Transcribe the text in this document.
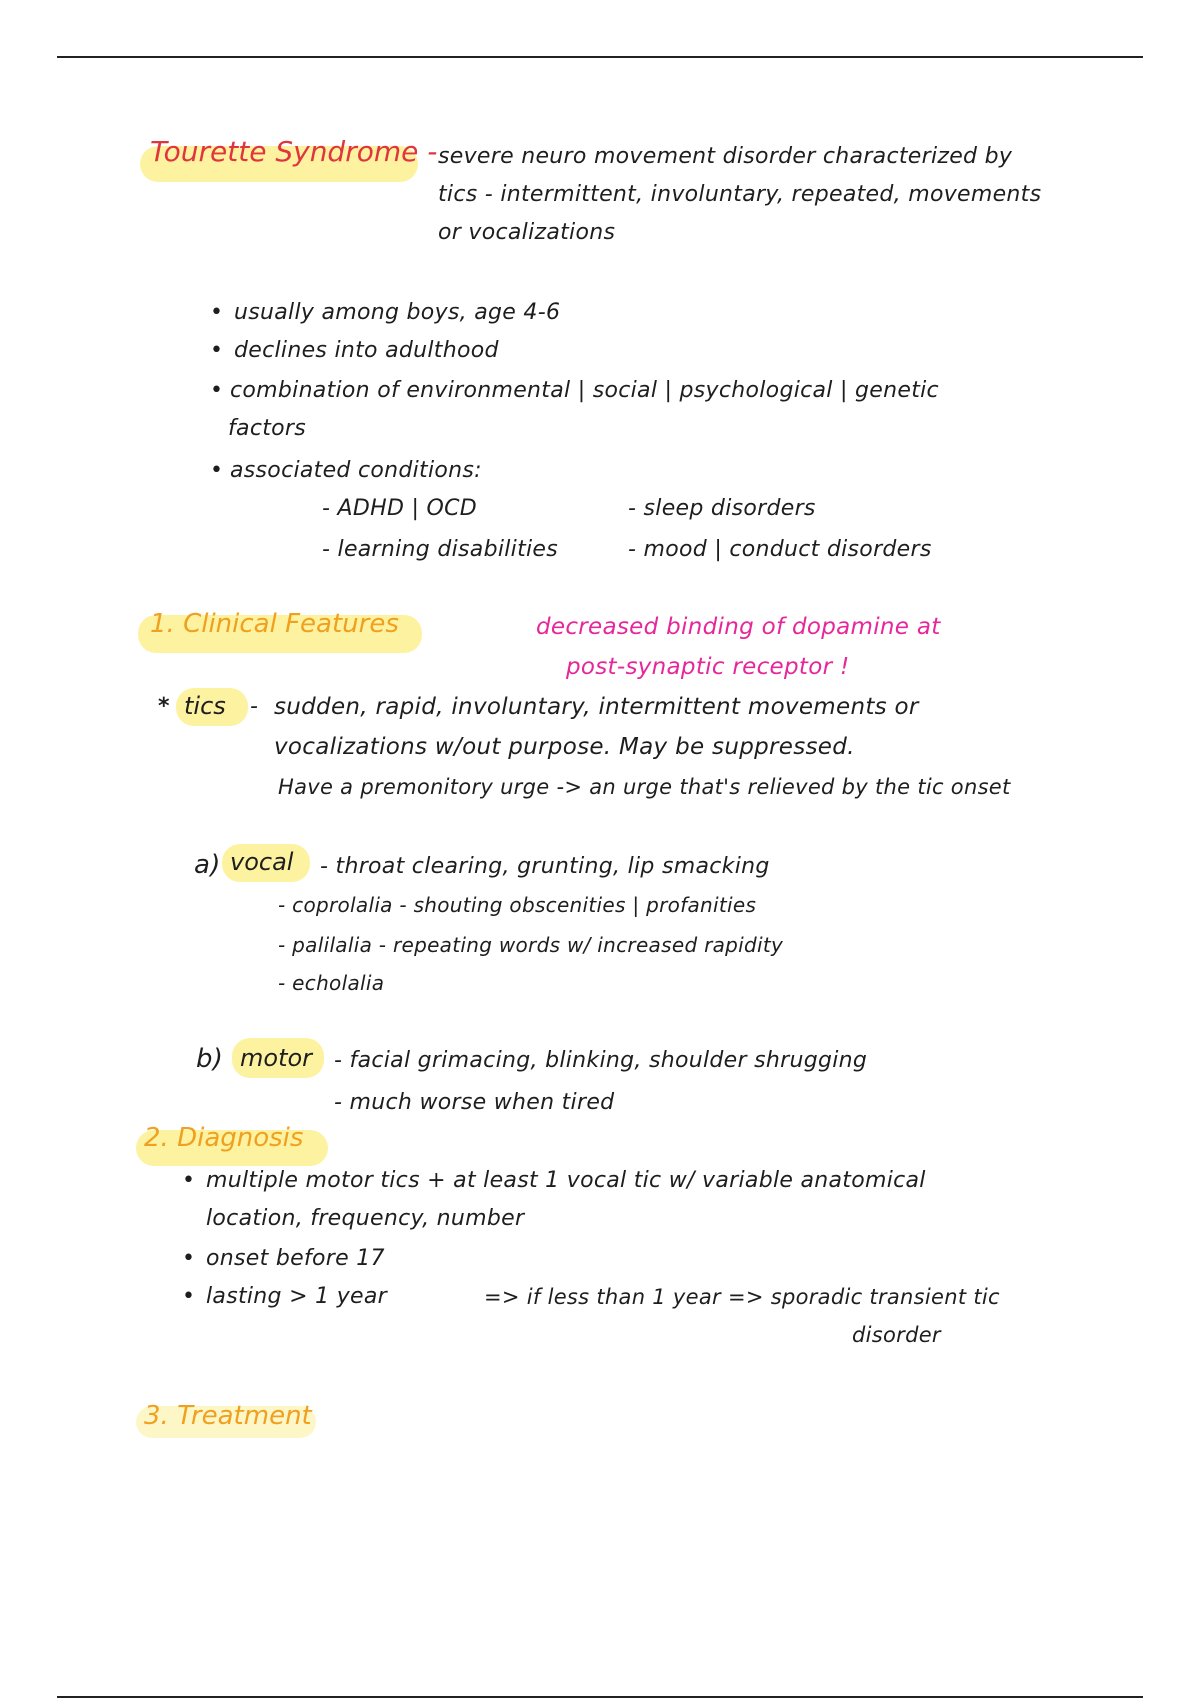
Tourette Syndrome - severe neuro movement disorder characterized by
tics - intermittent, involuntary, repeated, movements
or vocalizations
• usually among boys, age 4-6
• declines into adulthood
• combination of environmental | social | psychological | genetic
factors
• associated conditions:
- ADHD | OCD
- learning disabilities
- sleep disorders
- mood | conduct disorders
1. Clinical Features	decreased binding of dopamine at
post-synaptic receptor !
* tics - sudden, rapid, involuntary, intermittent movements or
vocalizations w/out purpose. May be suppressed.
Have a premonitory urge -> an urge that's relieved by the tic onset
a) vocal - throat clearing, grunting, lip smacking
- coprolalia - shouting obscenities | profanities
- palilalia - repeating words w/ increased rapidity
- echolalia
b) motor - facial grimacing, blinking, shoulder shrugging
- much worse when tired
2. Diagnosis
• multiple motor tics + at least 1 vocal tic w/ variable anatomical
location, frequency, number
• onset before 17
• lasting > 1 year	=> if less than 1 year => sporadic transient tic
disorder
3. Treatment
